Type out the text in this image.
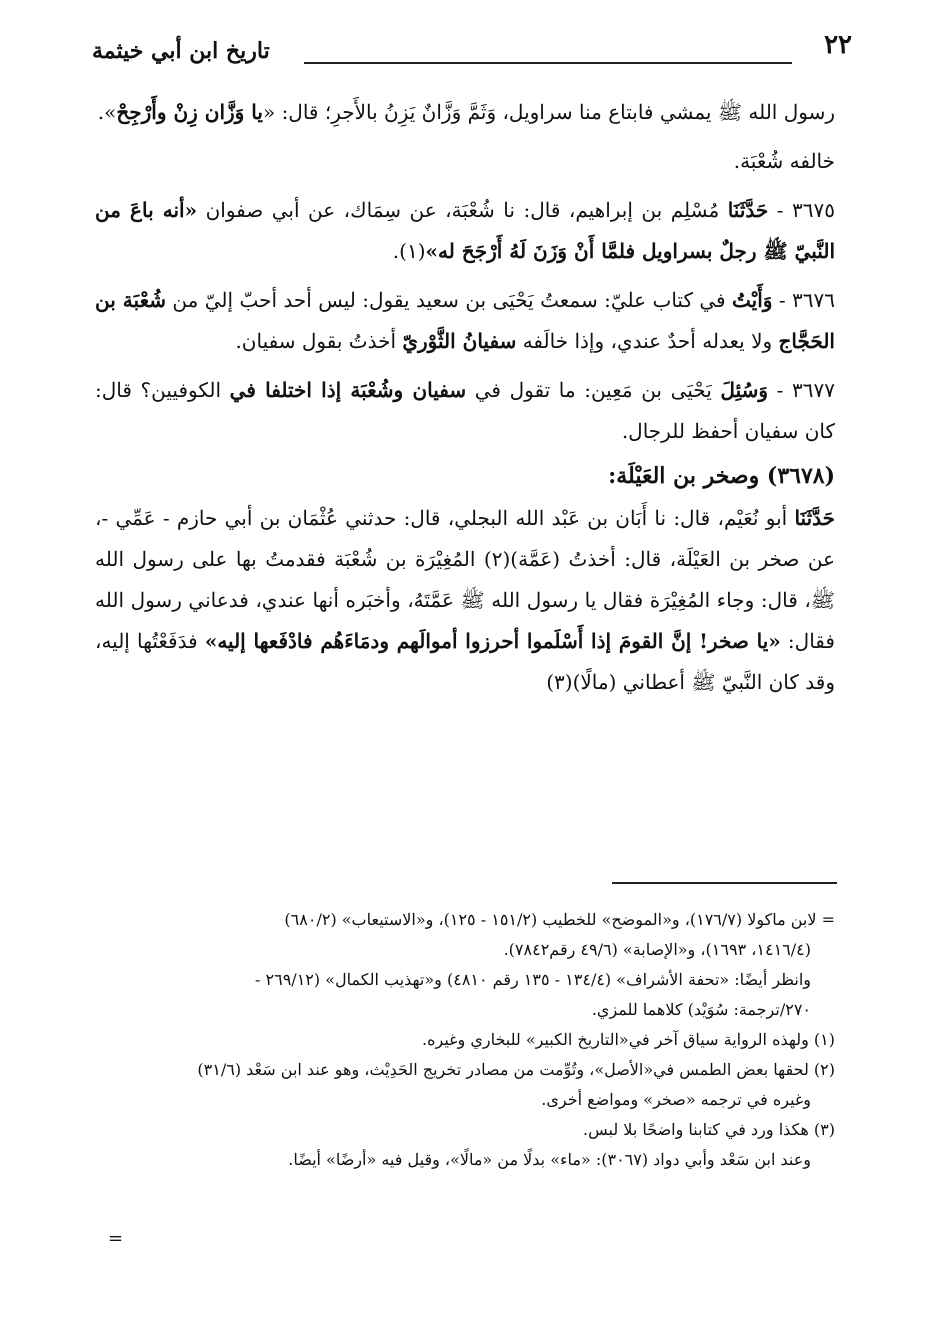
٢٢
تاريخ ابن أبي خيثمة

رسول الله ﷺ يمشي فابتاع منا سراويل، وَثَمَّ وَزَّانٌ يَزِنُ بالأَجرِ؛ قال: «يا وَزَّان زِنْ وأَرْجِحْ».

خالفه شُعْبَة.

٣٦٧٥ - حَدَّثَنَا مُسْلِم بن إبراهيم، قال: نا شُعْبَة، عن سِمَاك، عن أبي صفوان «أنه باعَ من النَّبيّ ﷺ رجلٌ بسراويل فلمَّا أَنْ وَزَنَ لَهُ أَرْجَحَ له»(١).

٣٦٧٦ - وَأَيْتُ في كتاب عليّ: سمعتُ يَحْيَى بن سعيد يقول: ليس أحد أحبّ إليّ من شُعْبَة بن الحَجَّاج ولا يعدله أحدٌ عندي، وإذا خالَفه سفيانُ الثَّوْريّ أخذتُ بقول سفيان.

٣٦٧٧ - وَسُئِلَ يَحْيَى بن مَعِين: ما تقول في سفيان وشُعْبَة إذا اختلفا في الكوفيين؟ قال: كان سفيان أحفظ للرجال.

(٣٦٧٨) وصخر بن العَيْلَة:

حَدَّثَنَا أبو نُعَيْم، قال: نا أَبَان بن عَبْد الله البجلي، قال: حدثني عُثْمَان بن أبي حازم - عَمِّي -، عن صخر بن العَيْلَة، قال: أخذتُ (عَمَّة)(٢) المُغِيْرَة بن شُعْبَة فقدمتُ بها على رسول الله ﷺ، قال: وجاء المُغِيْرَة فقال يا رسول الله ﷺ عَمَّتَهُ، وأخبَره أنها عندي، فدعاني رسول الله فقال: «يا صخر! إنَّ القومَ إذا أَسْلَموا أحرزوا أموالَهم ودمَاءَهُم فادْفَعها إليه» فدَفَعْتُها إليه، وقد كان النَّبيّ ﷺ أعطاني (مالًا)(٣)

= لابن ماكولا (١٧٦/٧)، و«الموضح» للخطيب (١٥١/٢ - ١٢٥)، و«الاستيعاب» (٦٨٠/٢)

(١٤١٦/٤، ١٦٩٣)، و«الإصابة» (٤٩/٦ رقم٧٨٤٢).

وانظر أيضًا: «تحفة الأشراف» (١٣٤/٤ - ١٣٥ رقم ٤٨١٠) و«تهذيب الكمال» (٢٦٩/١٢ -

٢٧٠/ترجمة: سُوَيْد) كلاهما للمزي.

(١) ولهذه الرواية سياق آخر في«التاريخ الكبير» للبخاري وغيره.

(٢) لحقها بعض الطمس في«الأصل»، وتُوِّمت من مصادر تخريج الحَدِيْث، وهو عند ابن سَعْد (٣١/٦)

وغيره في ترجمه «صخر» ومواضع أخرى.

(٣) هكذا ورد في كتابنا واضحًا بلا لبس.

وعند ابن سَعْد وأبي دواد (٣٠٦٧): «ماء» بدلًا من «مالًا»، وقيل فيه «أرضًا» أيضًا.

=
